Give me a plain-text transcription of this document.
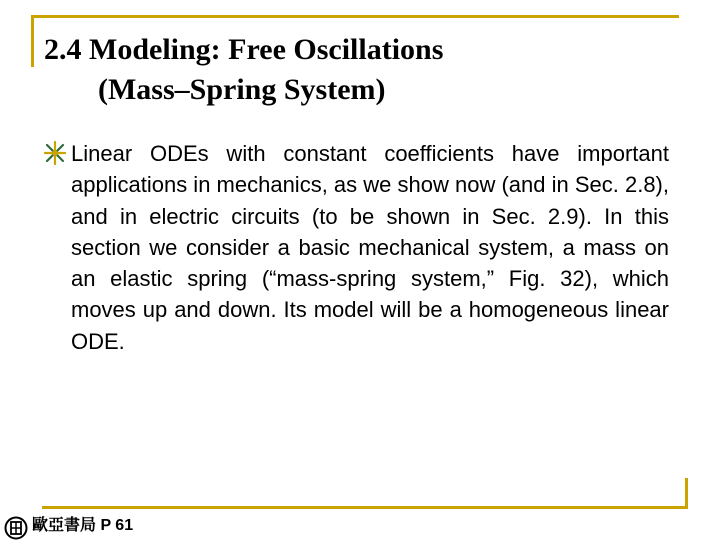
2.4 Modeling: Free Oscillations
(Mass–Spring System)

Linear ODEs with constant coefficients have important applications in mechanics, as we show now (and in Sec. 2.8), and in electric circuits (to be shown in Sec. 2.9). In this section we consider a basic mechanical system, a mass on an elastic spring (“mass-spring system,” Fig. 32), which moves up and down. Its model will be a homogeneous linear ODE.

歐亞書局 P 61
